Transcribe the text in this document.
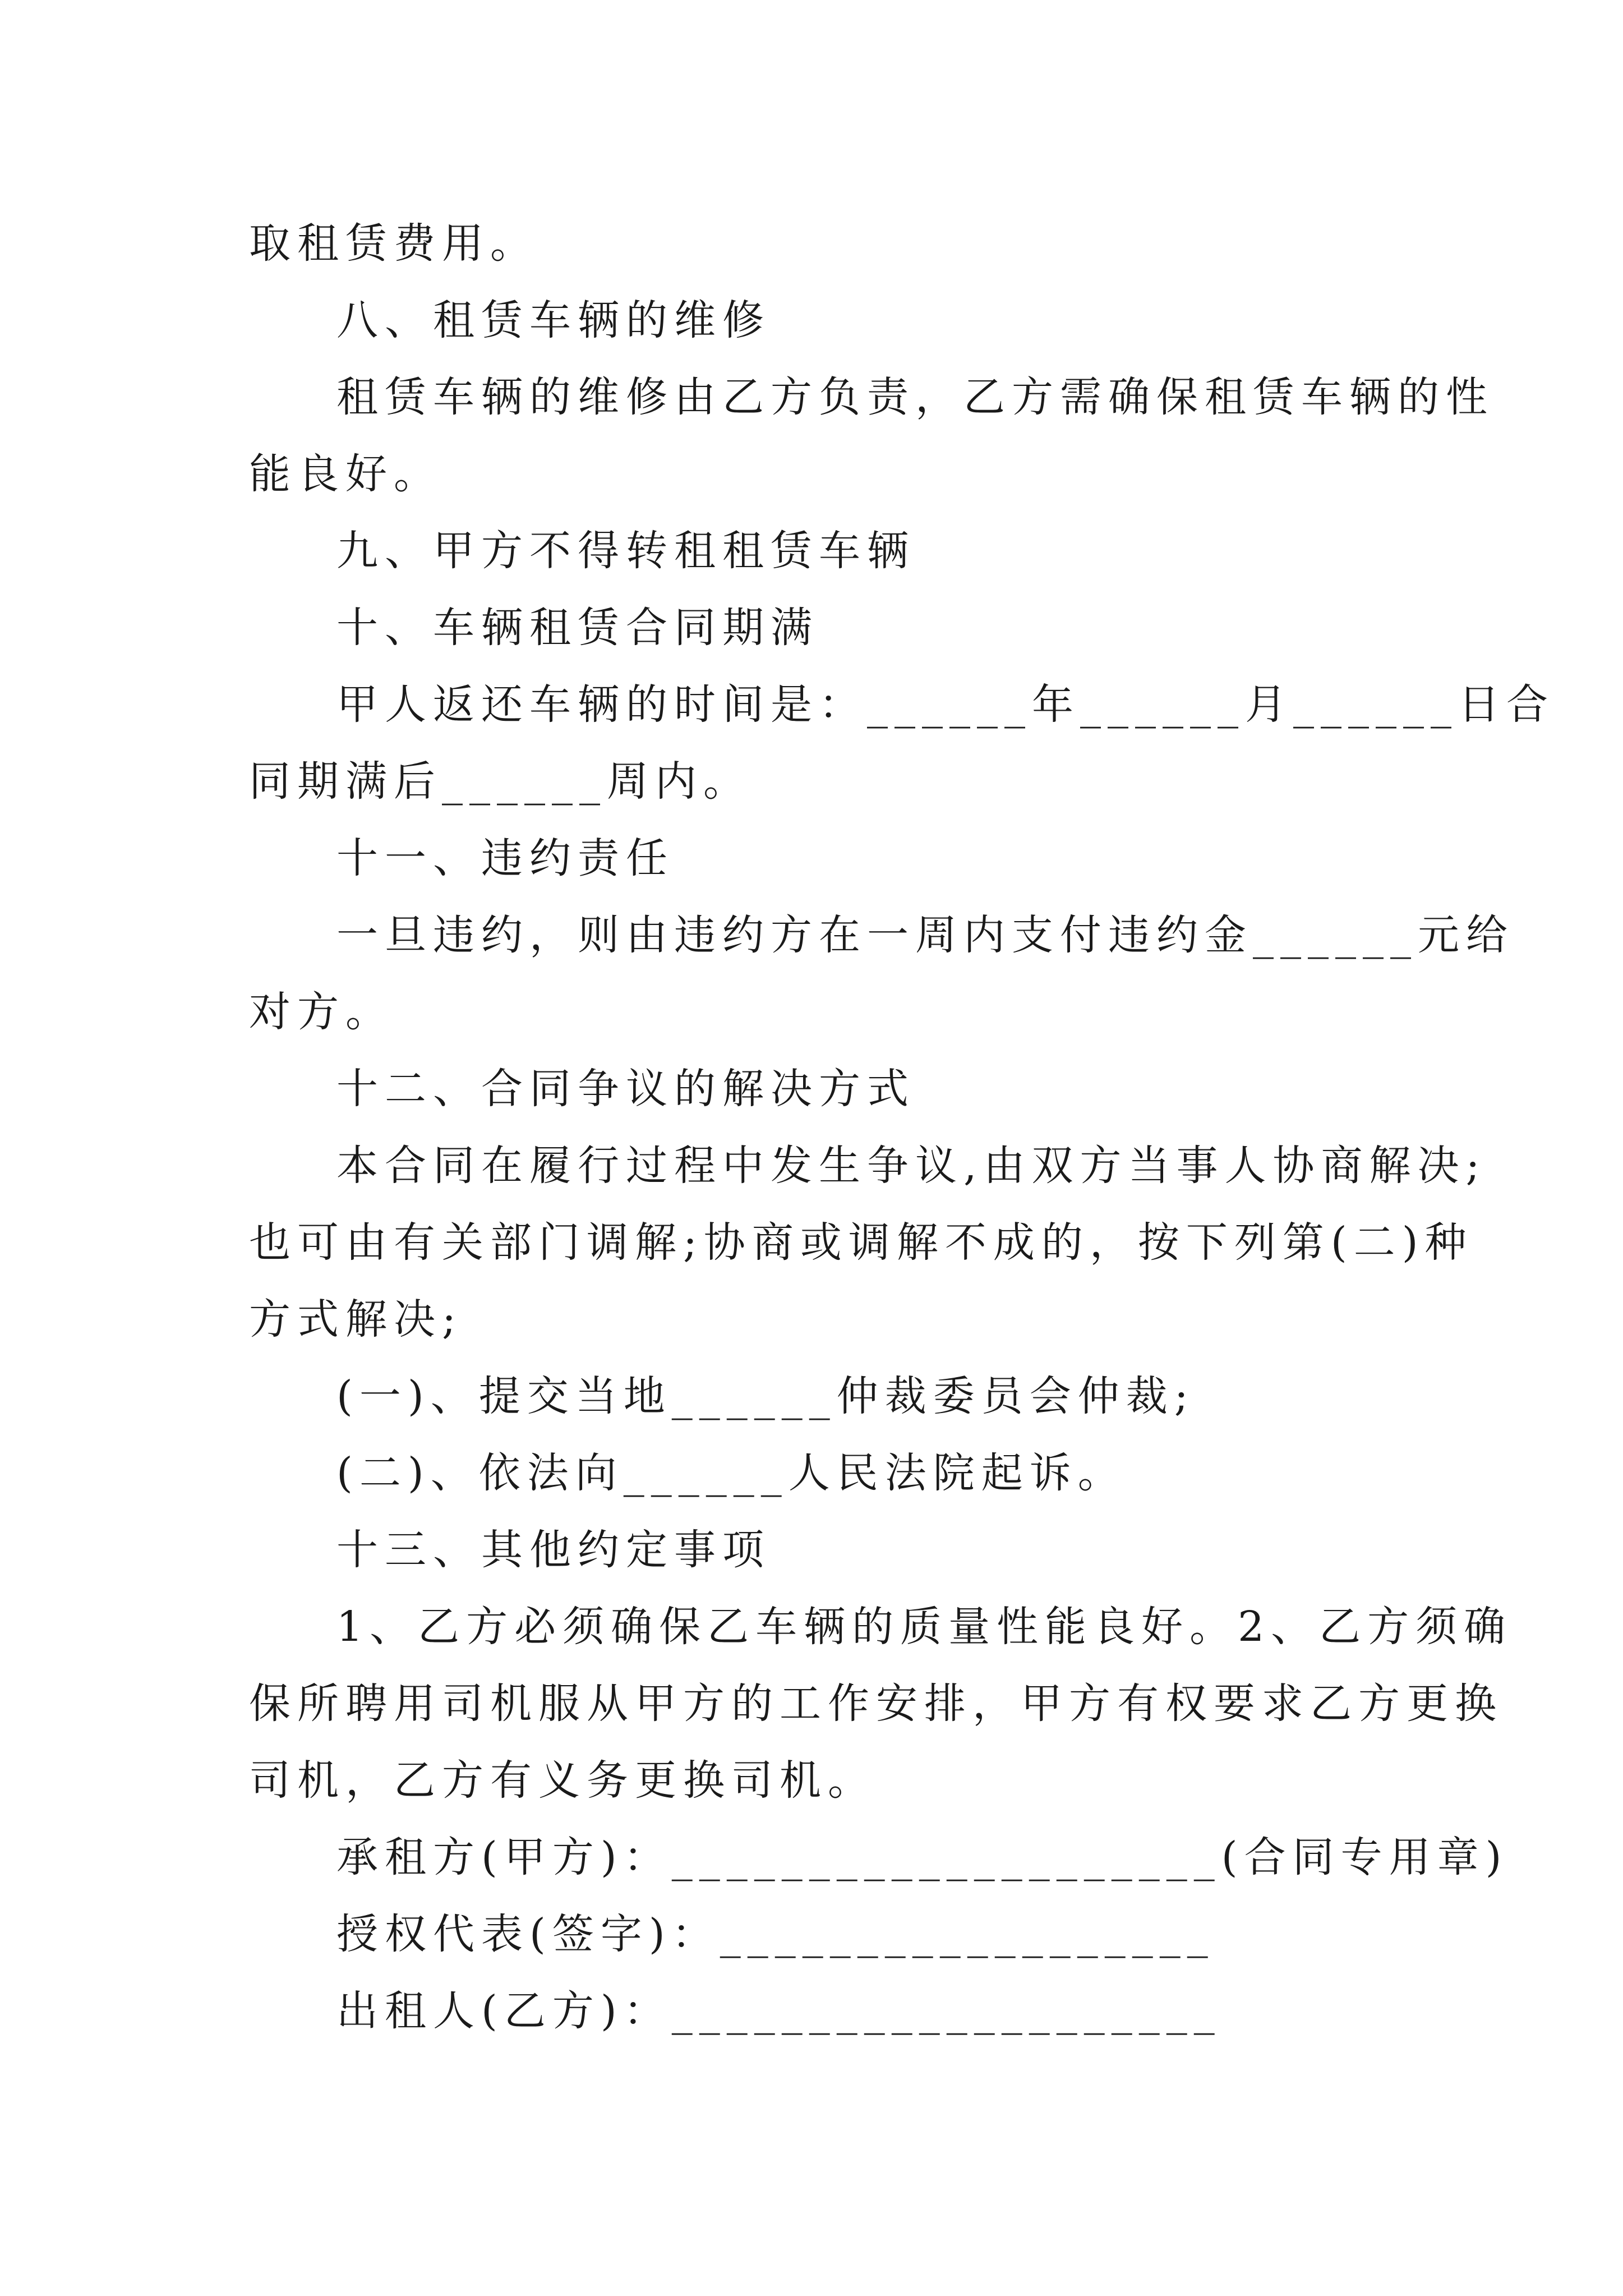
取租赁费用。
八、租赁车辆的维修
租赁车辆的维修由乙方负责，乙方需确保租赁车辆的性
能良好。
九、甲方不得转租租赁车辆
十、车辆租赁合同期满
甲人返还车辆的时间是：______年______月______日合
同期满后______周内。
十一、违约责任
一旦违约，则由违约方在一周内支付违约金______元给
对方。
十二、合同争议的解决方式
本合同在履行过程中发生争议,由双方当事人协商解决;
也可由有关部门调解;协商或调解不成的，按下列第(二)种
方式解决;
(一)、提交当地______仲裁委员会仲裁;
(二)、依法向______人民法院起诉。
十三、其他约定事项
1、乙方必须确保乙车辆的质量性能良好。2、乙方须确
保所聘用司机服从甲方的工作安排，甲方有权要求乙方更换
司机，乙方有义务更换司机。
承租方(甲方)：____________________(合同专用章)
授权代表(签字)：__________________
出租人(乙方)：____________________
